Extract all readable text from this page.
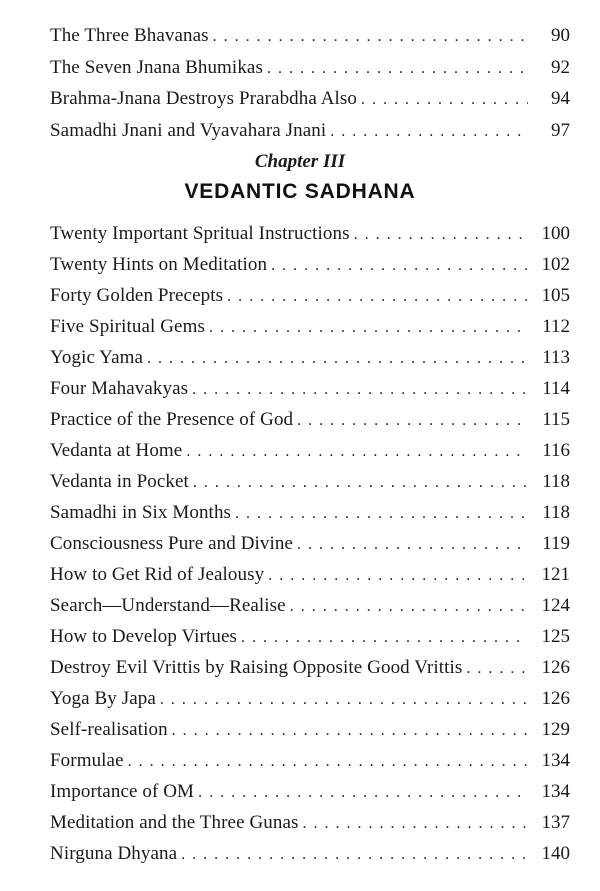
The Three Bhavanas . . .	90
The Seven Jnana Bhumikas . . .	92
Brahma-Jnana Destroys Prarabdha Also . . .	94
Samadhi Jnani and Vyavahara Jnani . . .	97
Chapter III
VEDANTIC SADHANA
Twenty Important Spritual Instructions . . .	100
Twenty Hints on Meditation . . .	102
Forty Golden Precepts . . .	105
Five Spiritual Gems . . .	112
Yogic Yama . . .	113
Four Mahavakyas . . .	114
Practice of the Presence of God . . .	115
Vedanta at Home . . .	116
Vedanta in Pocket . . .	118
Samadhi in Six Months . . .	118
Consciousness Pure and Divine . . .	119
How to Get Rid of Jealousy . . .	121
Search—Understand—Realise . . .	124
How to Develop Virtues . . .	125
Destroy Evil Vrittis by Raising Opposite Good Vrittis . . .	126
Yoga By Japa . . .	126
Self-realisation . . .	129
Formulae . . .	134
Importance of OM . . .	134
Meditation and the Three Gunas . . .	137
Nirguna Dhyana . . .	140
